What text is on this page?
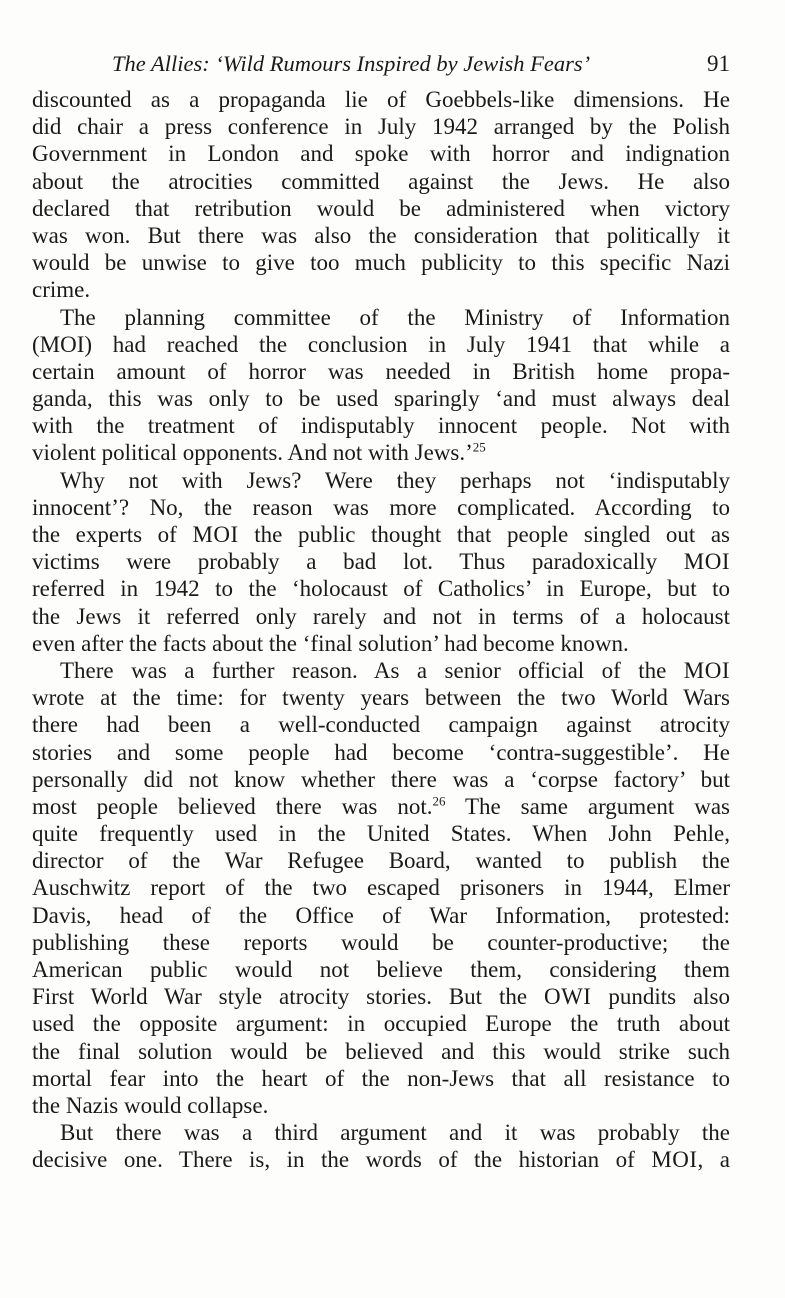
The Allies: ‘Wild Rumours Inspired by Jewish Fears’	91
discounted as a propaganda lie of Goebbels-like dimensions. He
did chair a press conference in July 1942 arranged by the Polish
Government in London and spoke with horror and indignation
about the atrocities committed against the Jews. He also
declared that retribution would be administered when victory
was won. But there was also the consideration that politically it
would be unwise to give too much publicity to this specific Nazi
crime.
The planning committee of the Ministry of Information
(MOI) had reached the conclusion in July 1941 that while a
certain amount of horror was needed in British home propa-
ganda, this was only to be used sparingly ‘and must always deal
with the treatment of indisputably innocent people. Not with
violent political opponents. And not with Jews.’$^{25}$
Why not with Jews? Were they perhaps not ‘indisputably
innocent’? No, the reason was more complicated. According to
the experts of MOI the public thought that people singled out as
victims were probably a bad lot. Thus paradoxically MOI
referred in 1942 to the ‘holocaust of Catholics’ in Europe, but to
the Jews it referred only rarely and not in terms of a holocaust
even after the facts about the ‘final solution’ had become known.
There was a further reason. As a senior official of the MOI
wrote at the time: for twenty years between the two World Wars
there had been a well-conducted campaign against atrocity
stories and some people had become ‘contra-suggestible’. He
personally did not know whether there was a ‘corpse factory’ but
most people believed there was not.$^{26}$ The same argument was
quite frequently used in the United States. When John Pehle,
director of the War Refugee Board, wanted to publish the
Auschwitz report of the two escaped prisoners in 1944, Elmer
Davis, head of the Office of War Information, protested:
publishing these reports would be counter-productive; the
American public would not believe them, considering them
First World War style atrocity stories. But the OWI pundits also
used the opposite argument: in occupied Europe the truth about
the final solution would be believed and this would strike such
mortal fear into the heart of the non-Jews that all resistance to
the Nazis would collapse.
But there was a third argument and it was probably the
decisive one. There is, in the words of the historian of MOI, a
